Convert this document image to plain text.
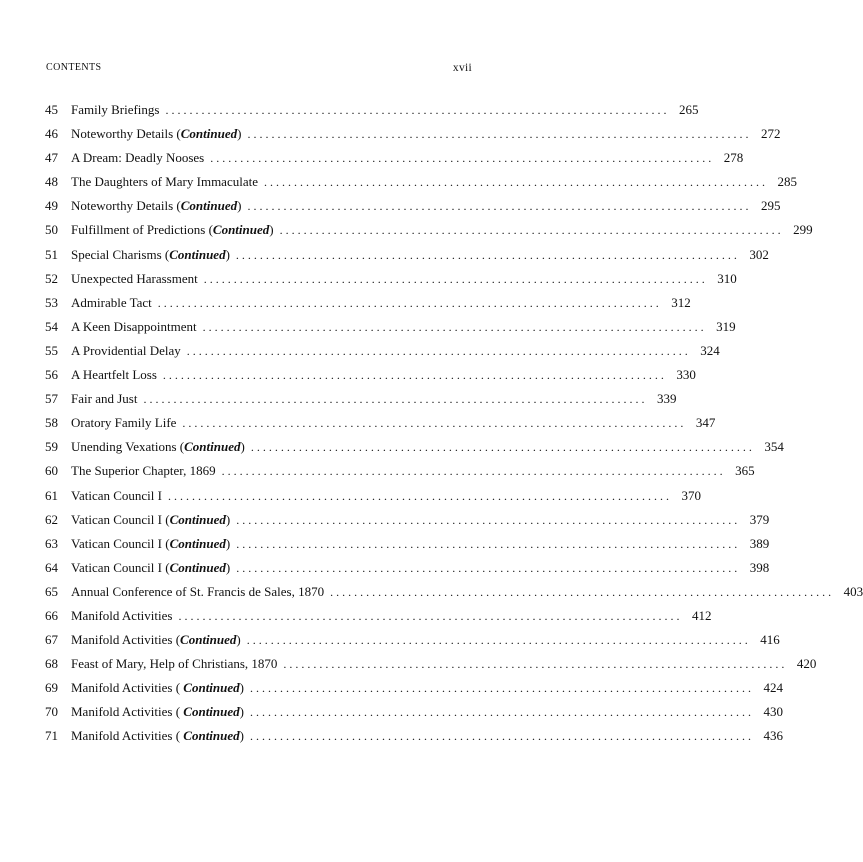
CONTENTS	xvii
45	Family Briefings . . .	265
46	Noteworthy Details (Continued) . . .	272
47	A Dream: Deadly Nooses . . .	278
48	The Daughters of Mary Immaculate . . .	285
49	Noteworthy Details (Continued) . . .	295
50	Fulfillment of Predictions (Continued) . . .	299
51	Special Charisms (Continued) . . .	302
52	Unexpected Harassment . . .	310
53	Admirable Tact . . .	312
54	A Keen Disappointment . . .	319
55	A Providential Delay . . .	324
56	A Heartfelt Loss . . .	330
57	Fair and Just . . .	339
58	Oratory Family Life . . .	347
59	Unending Vexations (Continued) . . .	354
60	The Superior Chapter, 1869 . . .	365
61	Vatican Council I . . .	370
62	Vatican Council I (Continued) . . .	379
63	Vatican Council I (Continued) . . .	389
64	Vatican Council I (Continued) . . .	398
65	Annual Conference of St. Francis de Sales, 1870 . . .	403
66	Manifold Activities . . .	412
67	Manifold Activities (Continued) . . .	416
68	Feast of Mary, Help of Christians, 1870 . . .	420
69	Manifold Activities ( Continued) . . .	424
70	Manifold Activities ( Continued) . . .	430
71	Manifold Activities ( Continued) . . .	436
